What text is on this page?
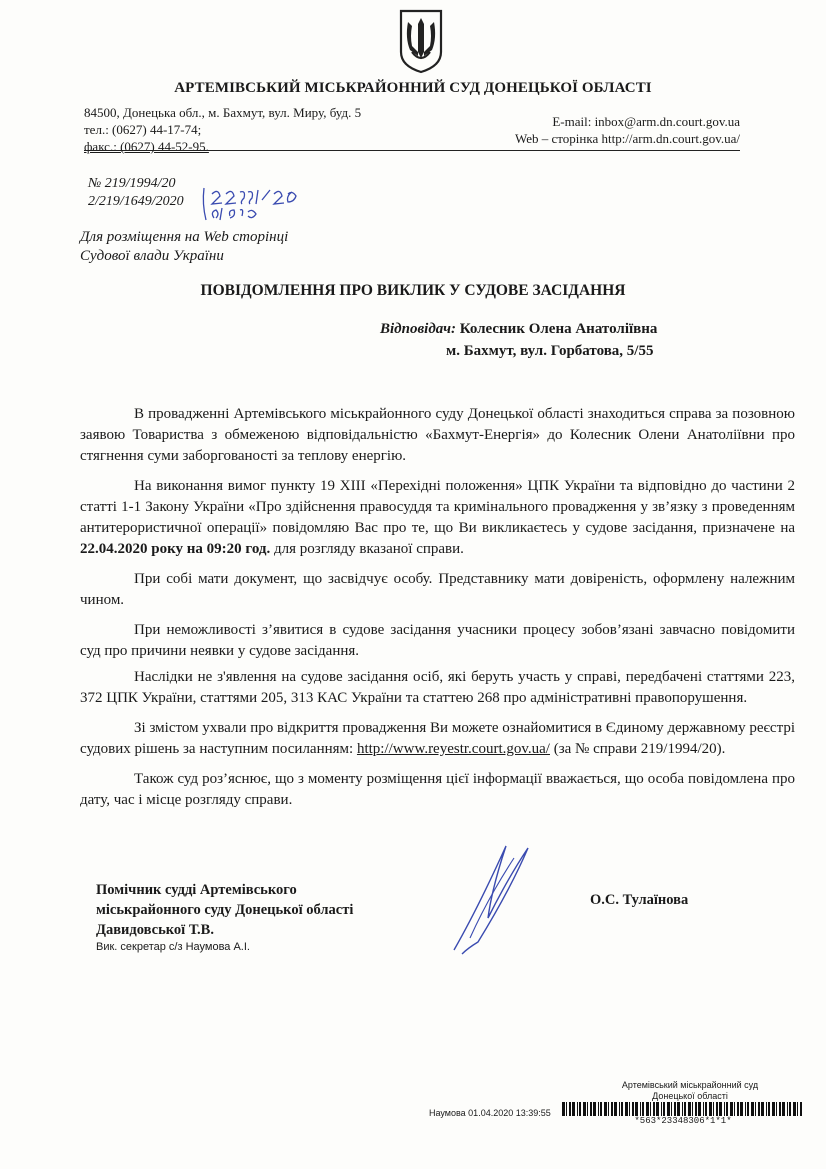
АРТЕМІВСЬКИЙ МІСЬКРАЙОННИЙ СУД ДОНЕЦЬКОЇ ОБЛАСТІ
84500, Донецька обл., м. Бахмут, вул. Миру, буд. 5
тел.: (0627) 44-17-74;
факс.: (0627) 44-52-95.
E-mail: inbox@arm.dn.court.gov.ua
Web – сторінка http://arm.dn.court.gov.ua/
№ 219/1994/20
2/219/1649/2020
Для розміщення на Web сторінці
Судової влади України
ПОВІДОМЛЕННЯ ПРО ВИКЛИК У СУДОВЕ ЗАСІДАННЯ
Відповідач: Колесник Олена Анатоліївна
м. Бахмут, вул. Горбатова, 5/55

В провадженні Артемівського міськрайонного суду Донецької області знаходиться справа за позовною заявою Товариства з обмеженою відповідальністю «Бахмут-Енергія» до Колесник Олени Анатоліївни про стягнення суми заборгованості за теплову енергію.

На виконання вимог пункту 19 ХІІІ «Перехідні положення» ЦПК України та відповідно до частини 2 статті 1-1 Закону України «Про здійснення правосуддя та кримінального провадження у зв’язку з проведенням антитерористичної операції» повідомляю Вас про те, що Ви викликаєтесь у судове засідання, призначене на 22.04.2020 року на 09:20 год. для розгляду вказаної справи.

При собі мати документ, що засвідчує особу. Представнику мати довіреність, оформлену належним чином.

При неможливості з’явитися в судове засідання учасники процесу зобов’язані завчасно повідомити суд про причини неявки у судове засідання.

Наслідки не з'явлення на судове засідання осіб, які беруть участь у справі, передбачені статтями 223, 372 ЦПК України, статтями 205, 313 КАС України та статтею 268 про адміністративні правопорушення.

Зі змістом ухвали про відкриття провадження Ви можете ознайомитися в Єдиному державному реєстрі судових рішень за наступним посиланням: http://www.reyestr.court.gov.ua/ (за № справи 219/1994/20).

Також суд роз’яснює, що з моменту розміщення цієї інформації вважається, що особа повідомлена про дату, час і місце розгляду справи.

Помічник судді Артемівського
міськрайонного суду Донецької області
Давидовської Т.В.
Вик. секретар с/з Наумова А.І.
О.С. Тулаїнова
Артемівський міськрайонний суд
Донецької області
Наумова 01.04.2020 13:39:55
*563*23348306*1*1*
